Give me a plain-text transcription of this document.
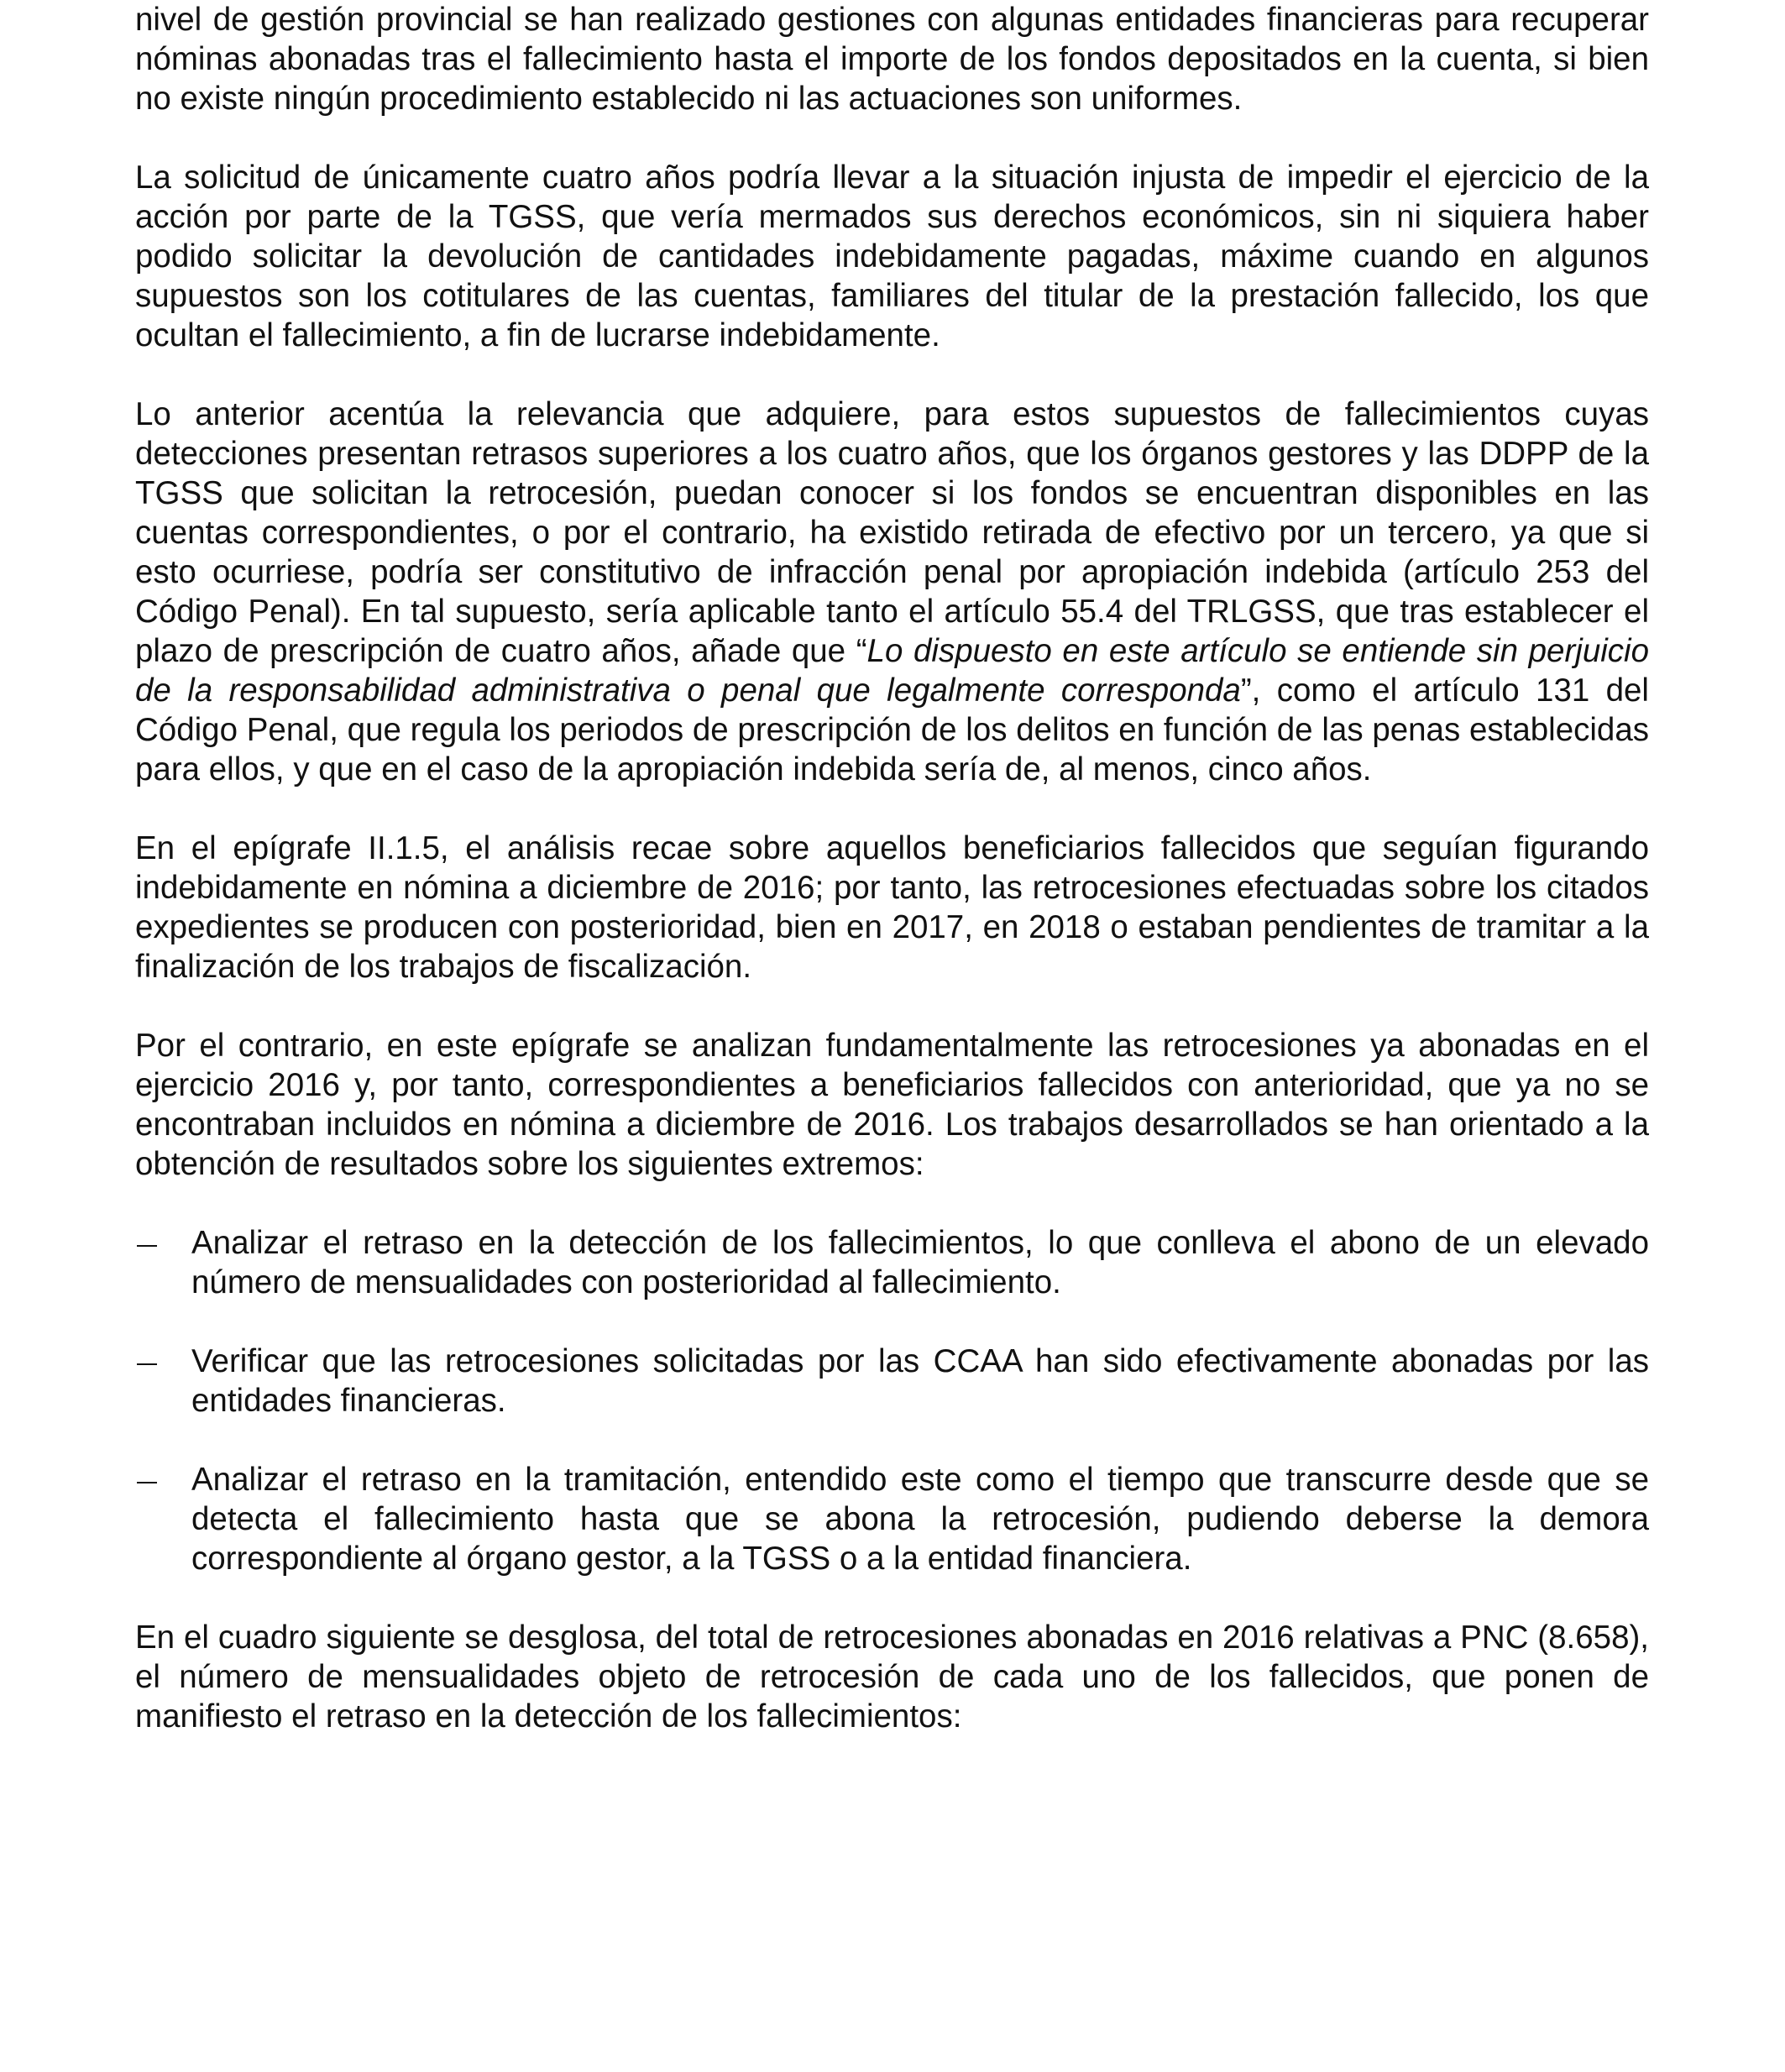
nivel de gestión provincial se han realizado gestiones con algunas entidades financieras para recuperar nóminas abonadas tras el fallecimiento hasta el importe de los fondos depositados en la cuenta, si bien no existe ningún procedimiento establecido ni las actuaciones son uniformes.

La solicitud de únicamente cuatro años podría llevar a la situación injusta de impedir el ejercicio de la acción por parte de la TGSS, que vería mermados sus derechos económicos, sin ni siquiera haber podido solicitar la devolución de cantidades indebidamente pagadas, máxime cuando en algunos supuestos son los cotitulares de las cuentas, familiares del titular de la prestación fallecido, los que ocultan el fallecimiento, a fin de lucrarse indebidamente.

Lo anterior acentúa la relevancia que adquiere, para estos supuestos de fallecimientos cuyas detecciones presentan retrasos superiores a los cuatro años, que los órganos gestores y las DDPP de la TGSS que solicitan la retrocesión, puedan conocer si los fondos se encuentran disponibles en las cuentas correspondientes, o por el contrario, ha existido retirada de efectivo por un tercero, ya que si esto ocurriese, podría ser constitutivo de infracción penal por apropiación indebida (artículo 253 del Código Penal). En tal supuesto, sería aplicable tanto el artículo 55.4 del TRLGSS, que tras establecer el plazo de prescripción de cuatro años, añade que “Lo dispuesto en este artículo se entiende sin perjuicio de la responsabilidad administrativa o penal que legalmente corresponda”, como el artículo 131 del Código Penal, que regula los periodos de prescripción de los delitos en función de las penas establecidas para ellos, y que en el caso de la apropiación indebida sería de, al menos, cinco años.

En el epígrafe II.1.5, el análisis recae sobre aquellos beneficiarios fallecidos que seguían figurando indebidamente en nómina a diciembre de 2016; por tanto, las retrocesiones efectuadas sobre los citados expedientes se producen con posterioridad, bien en 2017, en 2018 o estaban pendientes de tramitar a la finalización de los trabajos de fiscalización.

Por el contrario, en este epígrafe se analizan fundamentalmente las retrocesiones ya abonadas en el ejercicio 2016 y, por tanto, correspondientes a beneficiarios fallecidos con anterioridad, que ya no se encontraban incluidos en nómina a diciembre de 2016. Los trabajos desarrollados se han orientado a la obtención de resultados sobre los siguientes extremos:

Analizar el retraso en la detección de los fallecimientos, lo que conlleva el abono de un elevado número de mensualidades con posterioridad al fallecimiento.
Verificar que las retrocesiones solicitadas por las CCAA han sido efectivamente abonadas por las entidades financieras.
Analizar el retraso en la tramitación, entendido este como el tiempo que transcurre desde que se detecta el fallecimiento hasta que se abona la retrocesión, pudiendo deberse la demora correspondiente al órgano gestor, a la TGSS o a la entidad financiera.

En el cuadro siguiente se desglosa, del total de retrocesiones abonadas en 2016 relativas a PNC (8.658), el número de mensualidades objeto de retrocesión de cada uno de los fallecidos, que ponen de manifiesto el retraso en la detección de los fallecimientos:
